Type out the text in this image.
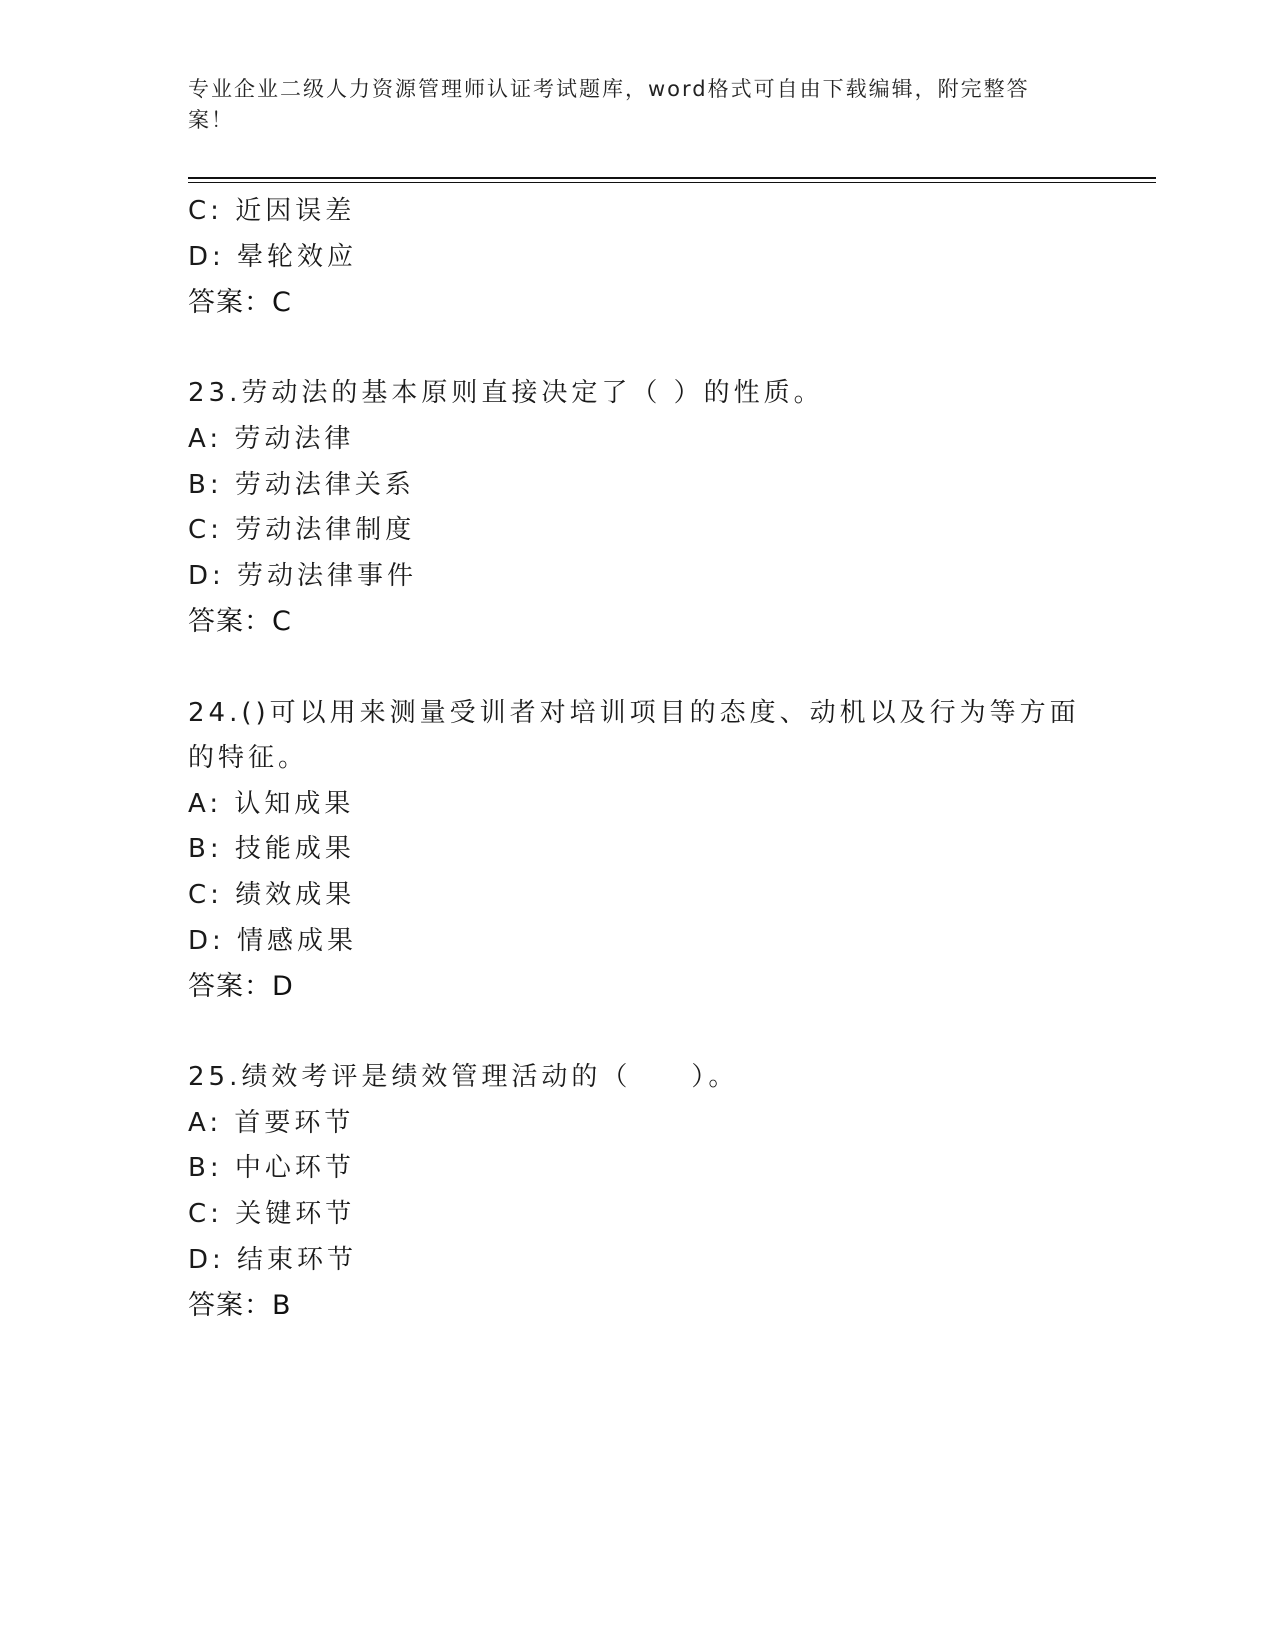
专业企业二级人力资源管理师认证考试题库，word格式可自由下载编辑，附完整答案！
C: 近因误差
D: 晕轮效应
答案：C
23.劳动法的基本原则直接决定了（ ）的性质。
A: 劳动法律
B: 劳动法律关系
C: 劳动法律制度
D: 劳动法律事件
答案：C
24.()可以用来测量受训者对培训项目的态度、动机以及行为等方面的特征。
A: 认知成果
B: 技能成果
C: 绩效成果
D: 情感成果
答案：D
25.绩效考评是绩效管理活动的（　　）。
A: 首要环节
B: 中心环节
C: 关键环节
D: 结束环节
答案：B
